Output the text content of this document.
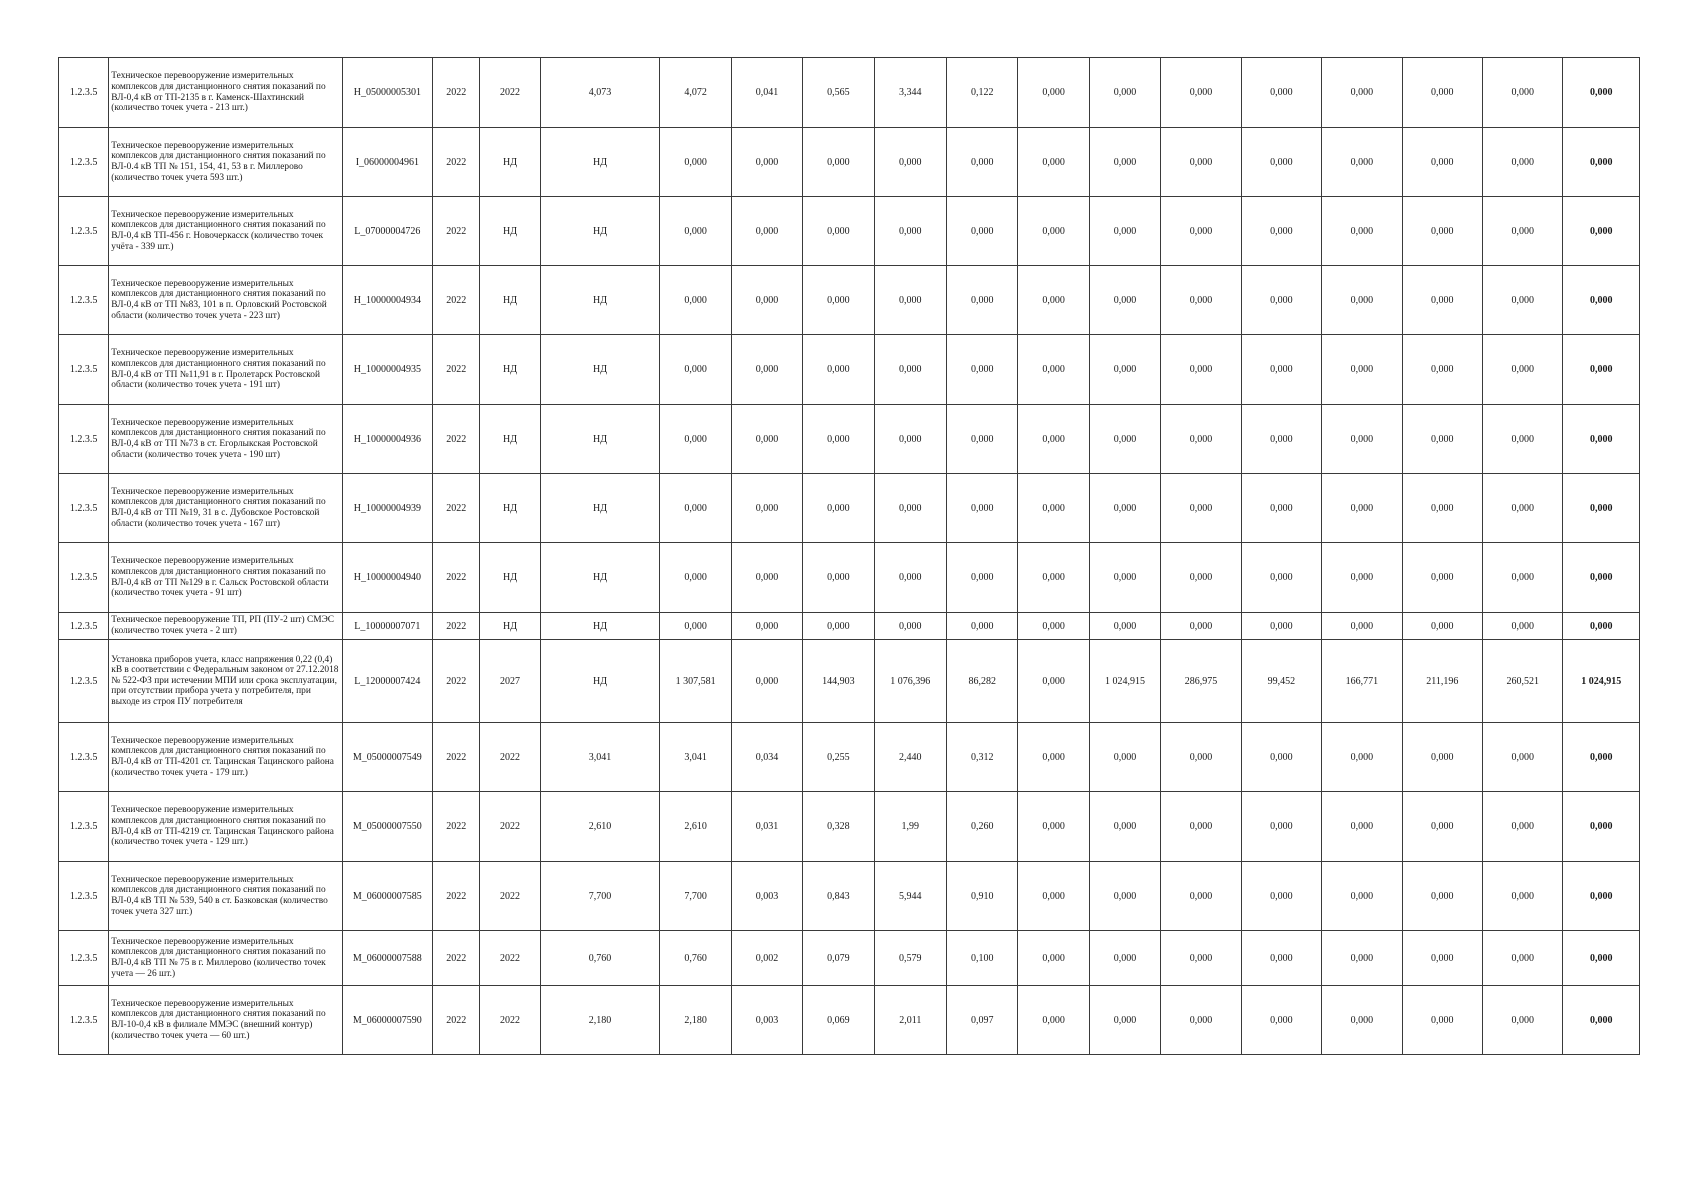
1.2.3.5	Техническое перевооружение измерительных комплексов для дистанционного снятия показаний по ВЛ-0,4 кВ от ТП-2135 в г. Каменск-Шахтинский (количество точек учета - 213 шт.)	Н_05000005301	2022	2022	4,073	4,072	0,041	0,565	3,344	0,122	0,000	0,000	0,000	0,000	0,000	0,000	0,000	0,000
1.2.3.5	Техническое перевооружение измерительных комплексов для дистанционного снятия показаний по ВЛ-0.4 кВ ТП № 151, 154, 41, 53 в г. Миллерово (количество точек учета 593 шт.)	I_06000004961	2022	НД	НД	0,000	0,000	0,000	0,000	0,000	0,000	0,000	0,000	0,000	0,000	0,000	0,000	0,000
1.2.3.5	Техническое перевооружение измерительных комплексов для дистанционного снятия показаний по ВЛ-0,4 кВ ТП-456 г. Новочеркасск (количество точек учёта - 339 шт.)	L_07000004726	2022	НД	НД	0,000	0,000	0,000	0,000	0,000	0,000	0,000	0,000	0,000	0,000	0,000	0,000	0,000
1.2.3.5	Техническое перевооружение измерительных комплексов для дистанционного снятия показаний по ВЛ-0,4 кВ от ТП №83, 101 в п. Орловский Ростовской области (количество точек учета - 223 шт)	Н_10000004934	2022	НД	НД	0,000	0,000	0,000	0,000	0,000	0,000	0,000	0,000	0,000	0,000	0,000	0,000	0,000
1.2.3.5	Техническое перевооружение измерительных комплексов для дистанционного снятия показаний по ВЛ-0,4 кВ от ТП №11,91 в г. Пролетарск Ростовской области (количество точек учета - 191 шт)	Н_10000004935	2022	НД	НД	0,000	0,000	0,000	0,000	0,000	0,000	0,000	0,000	0,000	0,000	0,000	0,000	0,000
1.2.3.5	Техническое перевооружение измерительных комплексов для дистанционного снятия показаний по ВЛ-0,4 кВ от ТП №73 в ст. Егорлыкская Ростовской области (количество точек учета - 190 шт)	Н_10000004936	2022	НД	НД	0,000	0,000	0,000	0,000	0,000	0,000	0,000	0,000	0,000	0,000	0,000	0,000	0,000
1.2.3.5	Техническое перевооружение измерительных комплексов для дистанционного снятия показаний по ВЛ-0,4 кВ от ТП №19, 31 в с. Дубовское Ростовской области (количество точек учета - 167 шт)	Н_10000004939	2022	НД	НД	0,000	0,000	0,000	0,000	0,000	0,000	0,000	0,000	0,000	0,000	0,000	0,000	0,000
1.2.3.5	Техническое перевооружение измерительных комплексов для дистанционного снятия показаний по ВЛ-0,4 кВ от ТП №129 в г. Сальск Ростовской области (количество точек учета - 91 шт)	Н_10000004940	2022	НД	НД	0,000	0,000	0,000	0,000	0,000	0,000	0,000	0,000	0,000	0,000	0,000	0,000	0,000
1.2.3.5	Техническое перевооружение ТП, РП (ПУ-2 шт) СМЭС (количество точек учета - 2 шт)	L_10000007071	2022	НД	НД	0,000	0,000	0,000	0,000	0,000	0,000	0,000	0,000	0,000	0,000	0,000	0,000	0,000
1.2.3.5	Установка приборов учета, класс напряжения 0,22 (0,4) кВ в соответствии с Федеральным законом от 27.12.2018 № 522-ФЗ при истечении МПИ или срока эксплуатации, при отсутствии прибора учета у потребителя, при выходе из строя ПУ потребителя	L_12000007424	2022	2027	НД	1 307,581	0,000	144,903	1 076,396	86,282	0,000	1 024,915	286,975	99,452	166,771	211,196	260,521	1 024,915
1.2.3.5	Техническое перевооружение измерительных комплексов для дистанционного снятия показаний по ВЛ-0,4 кВ от ТП-4201 ст. Тацинская Тацинского района (количество точек учета - 179 шт.)	M_05000007549	2022	2022	3,041	3,041	0,034	0,255	2,440	0,312	0,000	0,000	0,000	0,000	0,000	0,000	0,000	0,000
1.2.3.5	Техническое перевооружение измерительных комплексов для дистанционного снятия показаний по ВЛ-0,4 кВ от ТП-4219 ст. Тацинская Тацинского района (количество точек учета - 129 шт.)	M_05000007550	2022	2022	2,610	2,610	0,031	0,328	1,99	0,260	0,000	0,000	0,000	0,000	0,000	0,000	0,000	0,000
1.2.3.5	Техническое перевооружение измерительных комплексов для дистанционного снятия показаний по ВЛ-0,4 кВ ТП № 539, 540 в ст. Базковская (количество точек учета 327 шт.)	M_06000007585	2022	2022	7,700	7,700	0,003	0,843	5,944	0,910	0,000	0,000	0,000	0,000	0,000	0,000	0,000	0,000
1.2.3.5	Техническое перевооружение измерительных комплексов для дистанционного снятия показаний по ВЛ-0,4 кВ ТП № 75 в г. Миллерово (количество точек учета — 26 шт.)	M_06000007588	2022	2022	0,760	0,760	0,002	0,079	0,579	0,100	0,000	0,000	0,000	0,000	0,000	0,000	0,000	0,000
1.2.3.5	Техническое перевооружение измерительных комплексов для дистанционного снятия показаний по ВЛ-10-0,4 кВ в филиале ММЭС (внешний контур) (количество точек учета — 60 шт.)	M_06000007590	2022	2022	2,180	2,180	0,003	0,069	2,011	0,097	0,000	0,000	0,000	0,000	0,000	0,000	0,000	0,000
